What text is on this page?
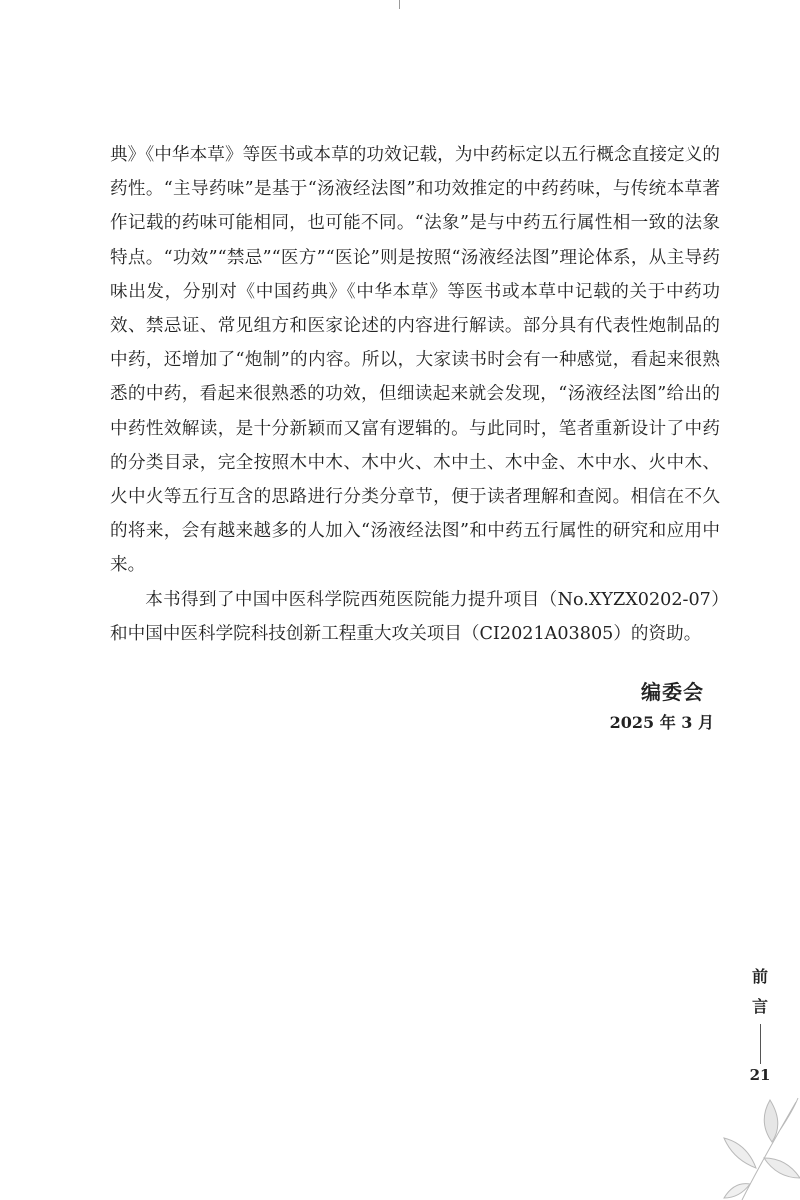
典》《中华本草》等医书或本草的功效记载，为中药标定以五行概念直接定义的药性。“主导药味”是基于“汤液经法图”和功效推定的中药药味，与传统本草著作记载的药味可能相同，也可能不同。“法象”是与中药五行属性相一致的法象特点。“功效”“禁忌”“医方”“医论”则是按照“汤液经法图”理论体系，从主导药味出发，分别对《中国药典》《中华本草》等医书或本草中记载的关于中药功效、禁忌证、常见组方和医家论述的内容进行解读。部分具有代表性炮制品的中药，还增加了“炮制”的内容。所以，大家读书时会有一种感觉，看起来很熟悉的中药，看起来很熟悉的功效，但细读起来就会发现，“汤液经法图”给出的中药性效解读，是十分新颖而又富有逻辑的。与此同时，笔者重新设计了中药的分类目录，完全按照木中木、木中火、木中土、木中金、木中水、火中木、火中火等五行互含的思路进行分类分章节，便于读者理解和查阅。相信在不久的将来，会有越来越多的人加入“汤液经法图”和中药五行属性的研究和应用中来。

本书得到了中国中医科学院西苑医院能力提升项目（No.XYZX0202-07）和中国中医科学院科技创新工程重大攻关项目（CI2021A03805）的资助。

编委会
2025 年 3 月
前
言
21
